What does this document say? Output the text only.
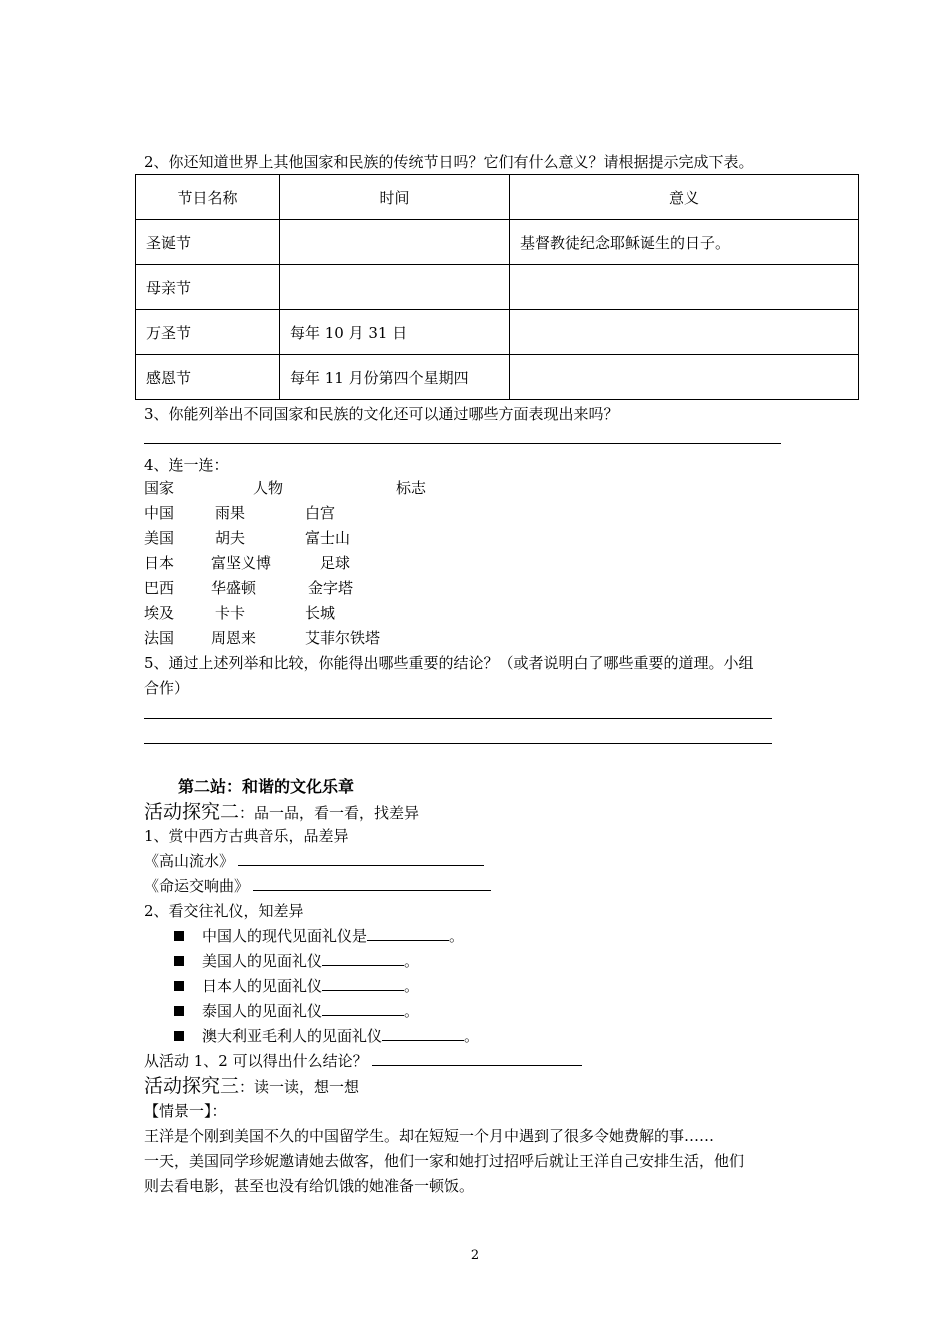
2、你还知道世界上其他国家和民族的传统节日吗？它们有什么意义？请根据提示完成下表。
节日名称	时间	意义
圣诞节		基督教徒纪念耶稣诞生的日子。
母亲节		
万圣节	每年 10 月 31 日	
感恩节	每年 11 月份第四个星期四	
3、你能列举出不同国家和民族的文化还可以通过哪些方面表现出来吗？
4、连一连：
国家	人物	标志
中国	雨果	白宫
美国	胡夫	富士山
日本 富坚义博	足球
巴西 华盛顿	金字塔
埃及	卡卡	长城
法国 周恩来	艾菲尔铁塔
5、通过上述列举和比较，你能得出哪些重要的结论？（或者说明白了哪些重要的道理。小组
合作）
第二站：和谐的文化乐章
活动探究二：品一品，看一看，找差异
1、赏中西方古典音乐，品差异
《高山流水》
《命运交响曲》
2、看交往礼仪，知差异
中国人的现代见面礼仪是	。
美国人的见面礼仪	。
日本人的见面礼仪	。
泰国人的见面礼仪	。
澳大利亚毛利人的见面礼仪	。
从活动 1、2 可以得出什么结论？
活动探究三：读一读，想一想
【情景一】：
王洋是个刚到美国不久的中国留学生。却在短短一个月中遇到了很多令她费解的事……
一天，美国同学珍妮邀请她去做客，他们一家和她打过招呼后就让王洋自己安排生活，他们
则去看电影，甚至也没有给饥饿的她准备一顿饭。
2
